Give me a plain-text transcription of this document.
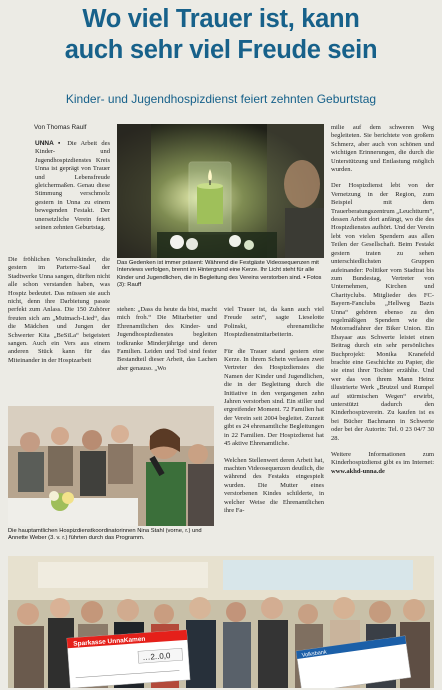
Wo viel Trauer ist, kann
auch sehr viel Freude sein
Kinder- und Jugendhospizdienst feiert zehnten Geburtstag
Von Thomas Raulf
Das Gedenken ist immer präsent: Während die Festgäste Videosequenzen mit Interviews verfolgen, brennt im Hintergrund eine Kerze. Ihr Licht steht für alle Kinder und Jugendlichen, die in Begleitung des Vereins verstorben sind. ▪ Fotos (3): Rauff

UNNA ▪ Die Arbeit des Kinder- und Jugendhospizdienstes Kreis Unna ist geprägt von Trauer und Lebensfreude gleichermaßen. Genau diese Stimmung verschmolz gestern in Unna zu einem bewegenden Festakt. Der unersetzliche Verein feiert seinen zehnten Geburtstag.

Die fröhlichen Vorschulkinder, die gestern im Parterre-Saal der Stadtwerke Unna sangen, dürften nicht alle schon verstanden haben, was Hospiz bedeutet. Das müssen sie auch nicht, denn ihre Darbietung passte perfekt zum Anlass. Die 150 Zuhörer freuten sich am „Mutmach-Lied“, das die Mädchen und Jungen der Schwerter Kita „BeSiLa“ beigeistert sangen. Auch ein Vers aus einem anderen Stück kann für das Miteinander in der Hospizarbeit

stehen: „Dass du heute da bist, macht mich froh.“ Die Mitarbeiter und Ehrenamtlichen des Kinder- und Jugendhospizdienstes begleiten todkranke Minderjährige und deren Familien. Leiden und Tod sind fester Bestandteil dieser Arbeit, das Lachen aber genauso. „Wo

viel Trauer ist, da kann auch viel Freude sein“, sagte Lieselotte Polinski, ehrenamtliche Hospizdienstmitarbeiterin.

Für die Trauer stand gestern eine Kerze. In ihrem Schein verlasen zwei Vertreter des Hospizdienstes die Namen der Kinder und Jugendlichen, die in der Begleitung durch die Initiative in den vergangenen zehn Jahren verstorben sind. Ein stiller und ergreifender Moment. 72 Familien hat der Verein seit 2004 begleitet. Zurzeit gibt es 24 ehrenamtliche Begleitungen in 22 Familien. Der Hospizdienst hat 45 aktive Ehrenamtliche.

Welchen Stellenwert deren Arbeit hat, machten Videosequenzen deutlich, die während des Festakts eingespielt wurden. Die Mutter eines verstorbenen Kindes schilderte, in welcher Weise die Ehrenamtlichen ihre Fa-

milie auf dem schweren Weg begleiteten. Sie berichtete von großem Schmerz, aber auch von schönen und wichtigen Erinnerungen, die durch die Unterstützung und Entlastung möglich wurden.

Der Hospizdienst lebt von der Vernetzung in der Region, zum Beispiel mit dem Trauerberatungszentrum „Leuchtturm“, dessen Arbeit dort anfängt, wo die des Hospizdienstes aufhört. Und der Verein lebt von vielen Spendern aus allen Teilen der Gesellschaft. Beim Festakt gestern traten zu sehen unterschiedlichsten Gruppen aufeinander: Politiker vom Stadtrat bis zum Bundestag, Vertreter von Unternehmen, Kirchen und Charityclubs. Mitglieder des FC-Bayern-Fanclubs „Hellweg Bazis Unna“ gehören ebenso zu den regelmäßigen Spendern wie die Motorradfahrer der Biker Union. Ein Ebayaar aus Schwerte leistet einen Beitrag durch ein sehr persönliches Buchprojekt: Monika Kranefeld brachte eine Geschichte zu Papier, die sie einst ihrer Tochter erzählte. Und wer das von ihrem Mann Heinz illustrierte Werk „Brutzel und Rumpel auf stürmischen Wegen“ erwirbt, unterstützt dadurch den Kinderhospizverein. Zu kaufen ist es bei Bücher Bachmann in Schwerte oder bei der Autorin: Tel. 0 23 04/7 30 28.

Weitere Informationen zum Kinderhospizdienst gibt es im Internet: www.akhd-unna.de

Die hauptamtlichen Hospizdienstkoordinatorinnen Nina Stahl (vorne, r.) und Annette Weber (3. v. r.) führten durch das Programm.
Sparkasse UnnaKamen
…2..0,0	Volksbank
